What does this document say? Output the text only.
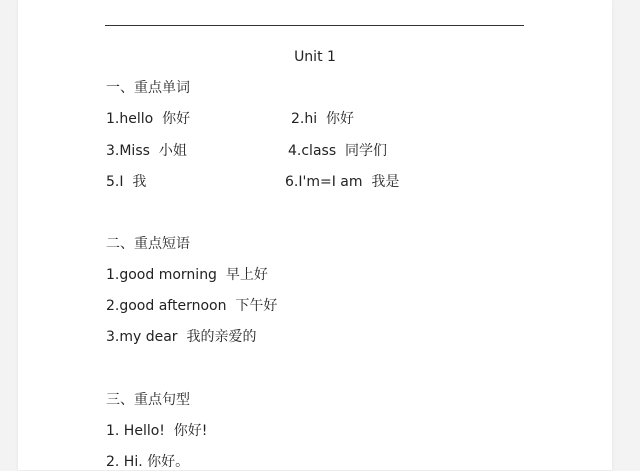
Unit 1
一、重点单词
1.hello  你好	2.hi  你好
3.Miss  小姐	4.class  同学们
5.I  我	6.I'm=I am  我是
二、重点短语
1.good morning  早上好
2.good afternoon  下午好
3.my dear  我的亲爱的
三、重点句型
1. Hello!  你好!
2. Hi. 你好。
